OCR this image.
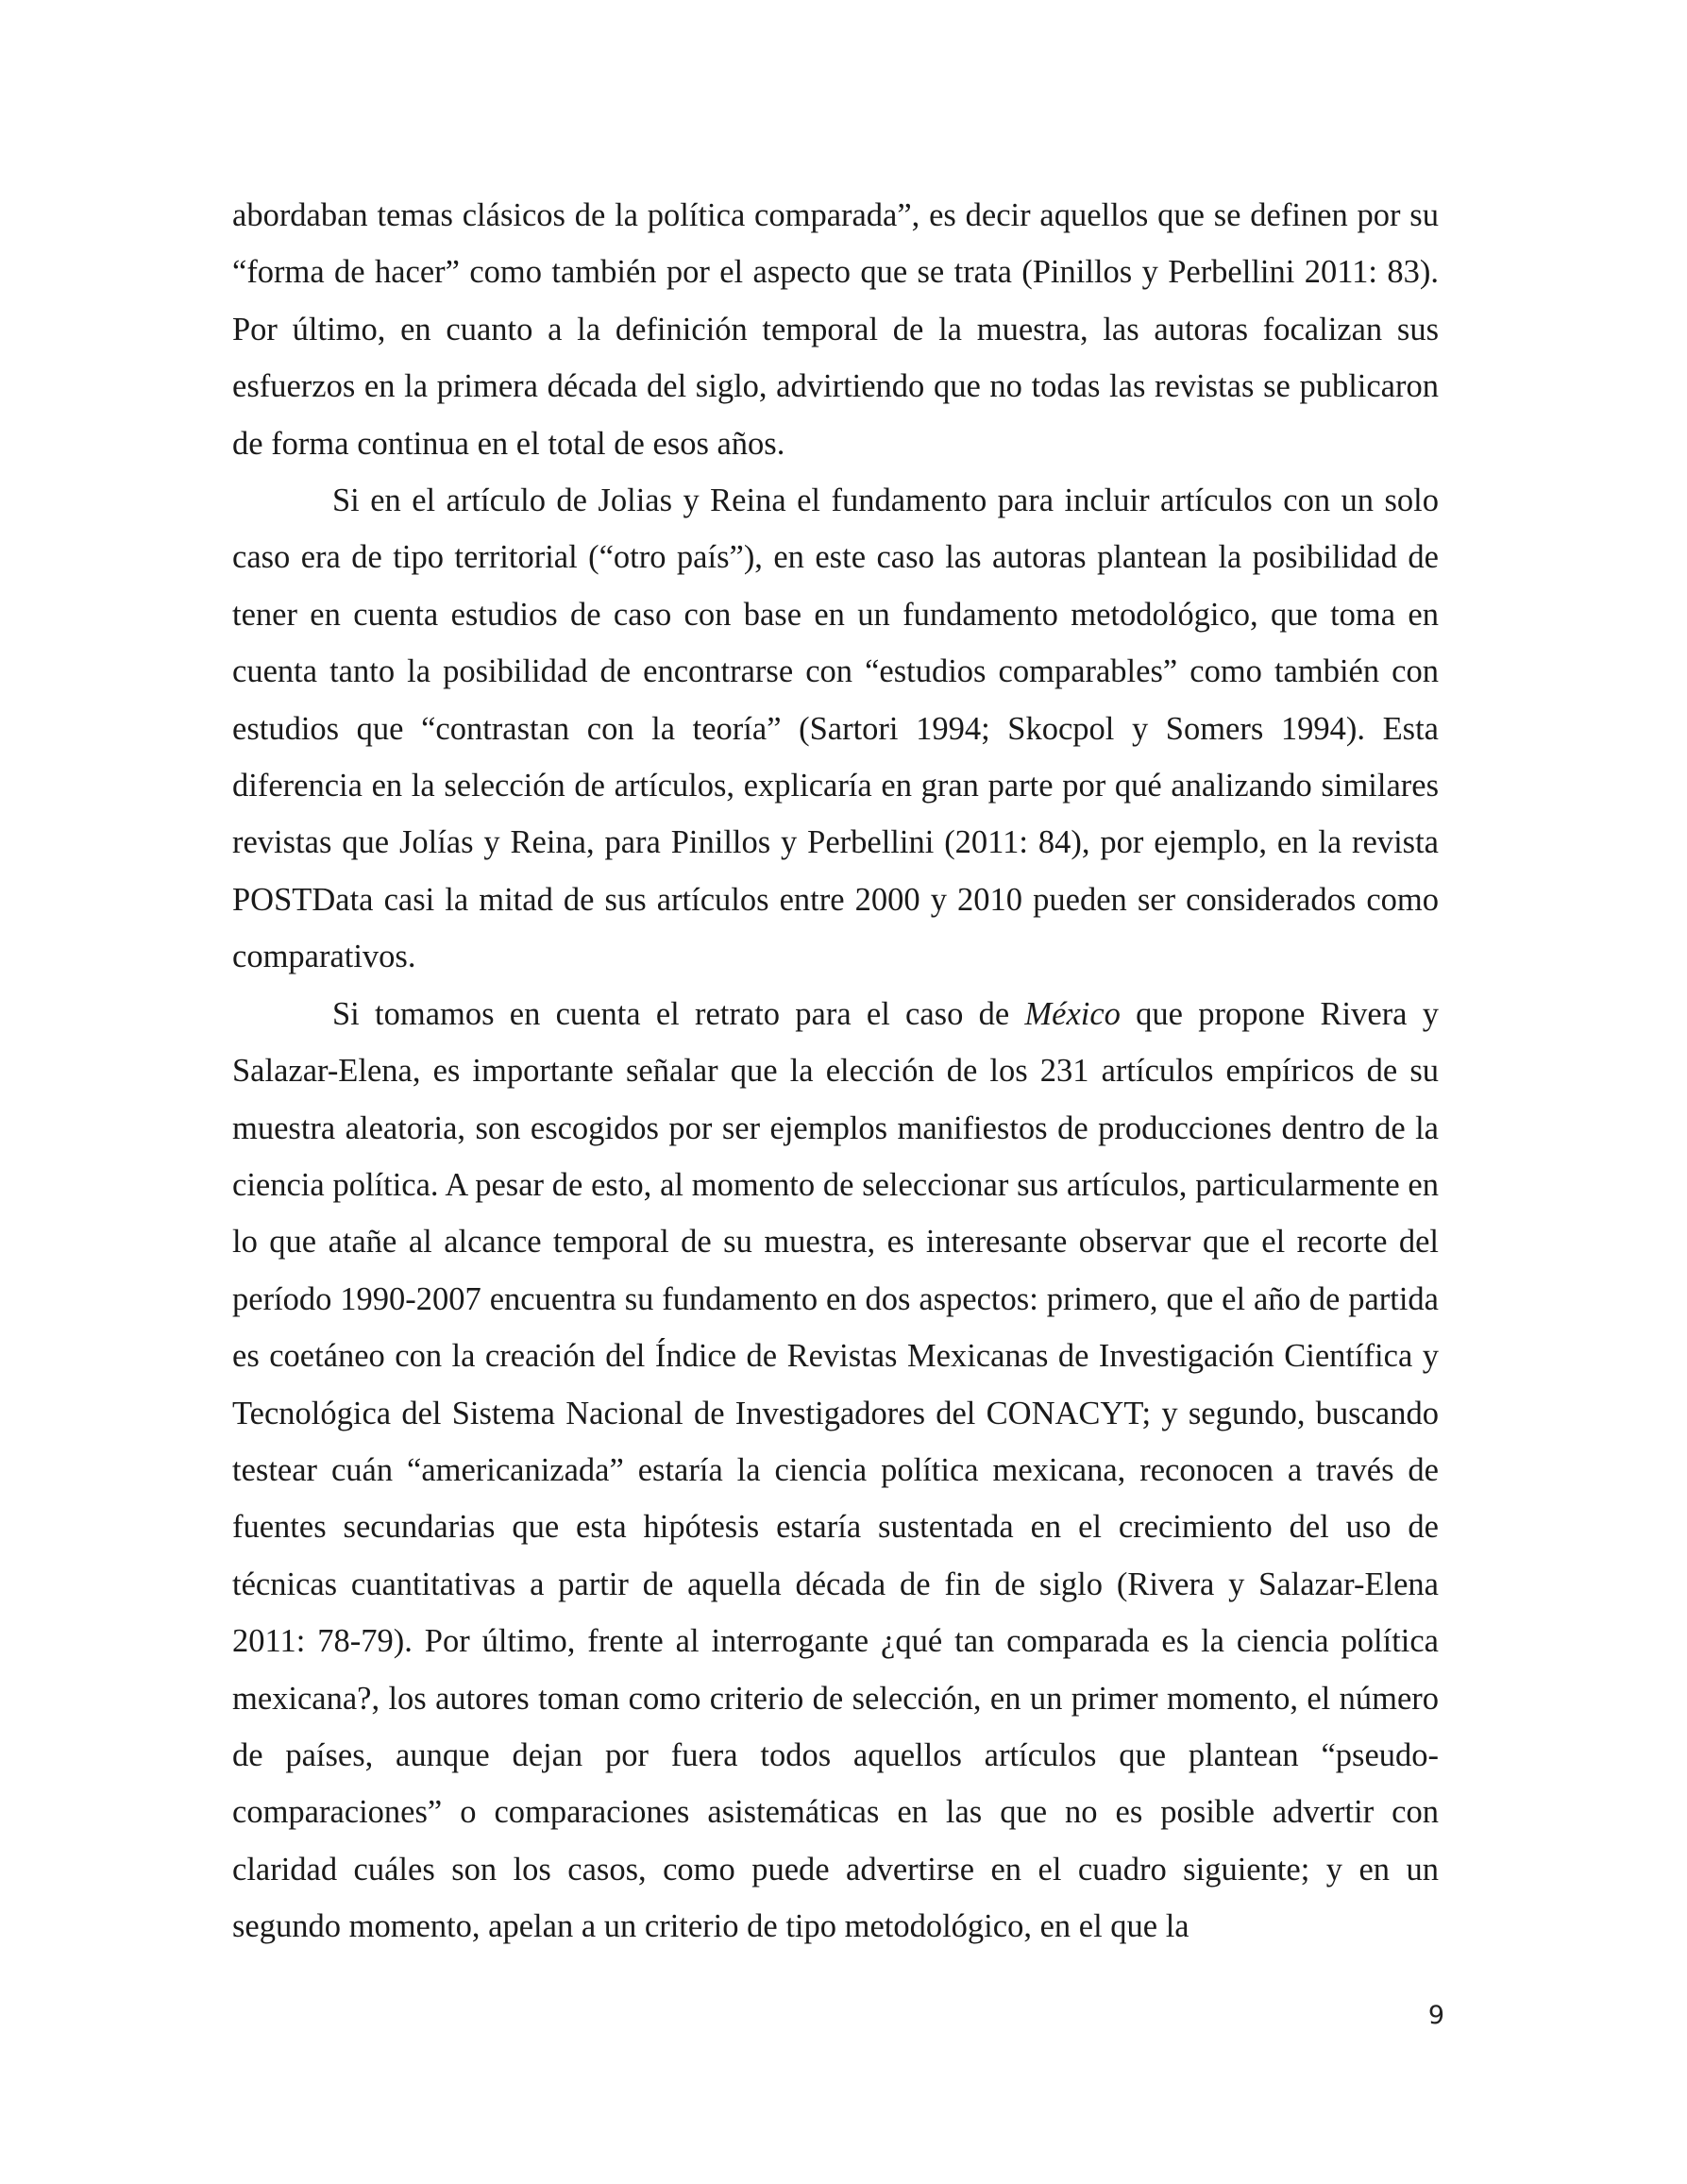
abordaban temas clásicos de la política comparada”, es decir aquellos que se definen por su “forma de hacer” como también por el aspecto que se trata (Pinillos y Perbellini 2011: 83). Por último, en cuanto a la definición temporal de la muestra, las autoras focalizan sus esfuerzos en la primera década del siglo, advirtiendo que no todas las revistas se publicaron de forma continua en el total de esos años.

Si en el artículo de Jolias y Reina el fundamento para incluir artículos con un solo caso era de tipo territorial (“otro país”), en este caso las autoras plantean la posibilidad de tener en cuenta estudios de caso con base en un fundamento metodológico, que toma en cuenta tanto la posibilidad de encontrarse con “estudios comparables” como también con estudios que “contrastan con la teoría” (Sartori 1994; Skocpol y Somers 1994). Esta diferencia en la selección de artículos, explicaría en gran parte por qué analizando similares revistas que Jolías y Reina, para Pinillos y Perbellini (2011: 84), por ejemplo, en la revista POSTData casi la mitad de sus artículos entre 2000 y 2010 pueden ser considerados como comparativos.

Si tomamos en cuenta el retrato para el caso de México que propone Rivera y Salazar-Elena, es importante señalar que la elección de los 231 artículos empíricos de su muestra aleatoria, son escogidos por ser ejemplos manifiestos de producciones dentro de la ciencia política. A pesar de esto, al momento de seleccionar sus artículos, particularmente en lo que atañe al alcance temporal de su muestra, es interesante observar que el recorte del período 1990-2007 encuentra su fundamento en dos aspectos: primero, que el año de partida es coetáneo con la creación del Índice de Revistas Mexicanas de Investigación Científica y Tecnológica del Sistema Nacional de Investigadores del CONACYT; y segundo, buscando testear cuán “americanizada” estaría la ciencia política mexicana, reconocen a través de fuentes secundarias que esta hipótesis estaría sustentada en el crecimiento del uso de técnicas cuantitativas a partir de aquella década de fin de siglo (Rivera y Salazar-Elena 2011: 78-79). Por último, frente al interrogante ¿qué tan comparada es la ciencia política mexicana?, los autores toman como criterio de selección, en un primer momento, el número de países, aunque dejan por fuera todos aquellos artículos que plantean “pseudo-comparaciones” o comparaciones asistemáticas en las que no es posible advertir con claridad cuáles son los casos, como puede advertirse en el cuadro siguiente; y en un segundo momento, apelan a un criterio de tipo metodológico, en el que la

9
